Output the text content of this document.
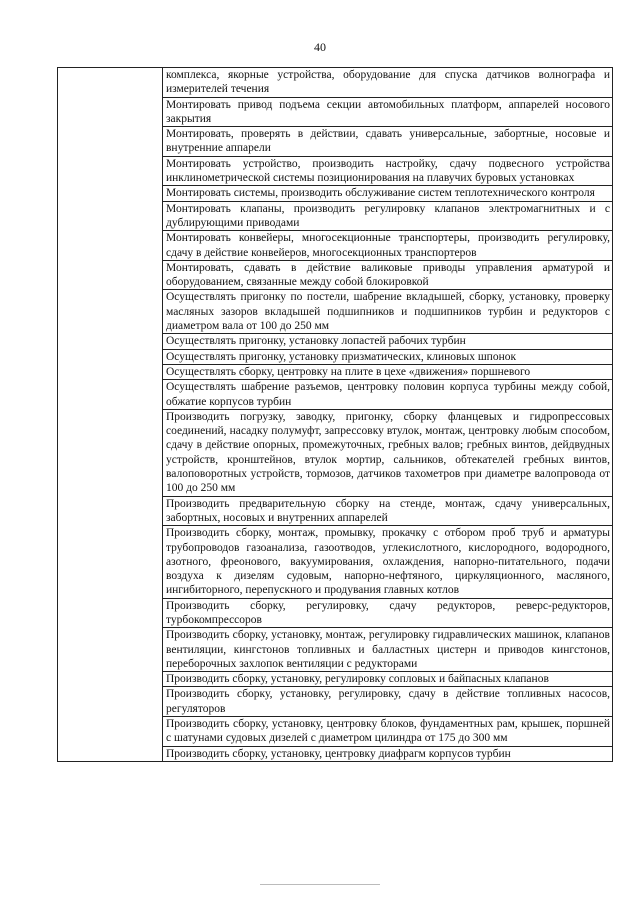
40
	комплекса, якорные устройства, оборудование для спуска датчиков волнографа и измерителей течения
Монтировать привод подъема секции автомобильных платформ, аппарелей носового закрытия
Монтировать, проверять в действии, сдавать универсальные, забортные, носовые и внутренние аппарели
Монтировать устройство, производить настройку, сдачу подвесного устройства инклинометрической системы позиционирования на плавучих буровых установках
Монтировать системы, производить обслуживание систем теплотехнического контроля
Монтировать клапаны, производить регулировку клапанов электромагнитных и с дублирующими приводами
Монтировать конвейеры, многосекционные транспортеры, производить регулировку, сдачу в действие конвейеров, многосекционных транспортеров
Монтировать, сдавать в действие валиковые приводы управления арматурой и оборудованием, связанные между собой блокировкой
Осуществлять пригонку по постели, шабрение вкладышей, сборку, установку, проверку масляных зазоров вкладышей подшипников и подшипников турбин и редукторов с диаметром вала от 100 до 250 мм
Осуществлять пригонку, установку лопастей рабочих турбин
Осуществлять пригонку, установку призматических, клиновых шпонок
Осуществлять сборку, центровку на плите в цехе «движения» поршневого
Осуществлять шабрение разъемов, центровку половин корпуса турбины между собой, обжатие корпусов турбин
Производить погрузку, заводку, пригонку, сборку фланцевых и гидропрессовых соединений, насадку полумуфт, запрессовку втулок, монтаж, центровку любым способом, сдачу в действие опорных, промежуточных, гребных валов; гребных винтов, дейдвудных устройств, кронштейнов, втулок мортир, сальников, обтекателей гребных винтов, валоповоротных устройств, тормозов, датчиков тахометров при диаметре валопровода от 100 до 250 мм
Производить предварительную сборку на стенде, монтаж, сдачу универсальных, забортных, носовых и внутренних аппарелей
Производить сборку, монтаж, промывку, прокачку с отбором проб труб и арматуры трубопроводов газоанализа, газоотводов, углекислотного, кислородного, водородного, азотного, фреонового, вакуумирования, охлаждения, напорно-питательного, подачи воздуха к дизелям судовым, напорно-нефтяного, циркуляционного, масляного, ингибиторного, перепускного и продувания главных котлов
Производить сборку, регулировку, сдачу редукторов, реверс-редукторов, турбокомпрессоров
Производить сборку, установку, монтаж, регулировку гидравлических машинок, клапанов вентиляции, кингстонов топливных и балластных цистерн и приводов кингстонов, переборочных захлопок вентиляции с редукторами
Производить сборку, установку, регулировку сопловых и байпасных клапанов
Производить сборку, установку, регулировку, сдачу в действие топливных насосов, регуляторов
Производить сборку, установку, центровку блоков, фундаментных рам, крышек, поршней с шатунами судовых дизелей с диаметром цилиндра от 175 до 300 мм
Производить сборку, установку, центровку диафрагм корпусов турбин
